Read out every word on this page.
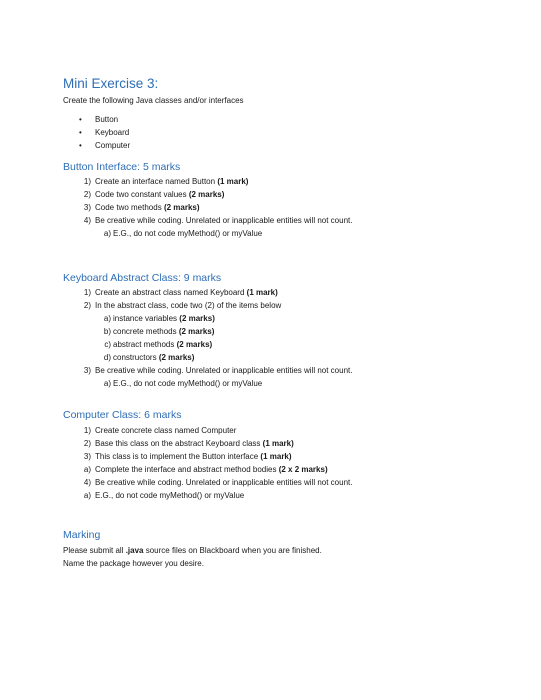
Mini Exercise 3:
Create the following Java classes and/or interfaces
• Button
• Keyboard
• Computer
Button Interface: 5 marks
1) Create an interface named Button (1 mark)
2) Code two constant values (2 marks)
3) Code two methods (2 marks)
4) Be creative while coding. Unrelated or inapplicable entities will not count.
a) E.G., do not code myMethod() or myValue
Keyboard Abstract Class: 9 marks
1) Create an abstract class named Keyboard (1 mark)
2) In the abstract class, code two (2) of the items below
a) instance variables (2 marks)
b) concrete methods (2 marks)
c) abstract methods (2 marks)
d) constructors (2 marks)
3) Be creative while coding. Unrelated or inapplicable entities will not count.
a) E.G., do not code myMethod() or myValue
Computer Class: 6 marks
1) Create concrete class named Computer
2) Base this class on the abstract Keyboard class (1 mark)
3) This class is to implement the Button interface (1 mark)
a) Complete the interface and abstract method bodies (2 x 2 marks)
4) Be creative while coding. Unrelated or inapplicable entities will not count.
a) E.G., do not code myMethod() or myValue
Marking
Please submit all .java source files on Blackboard when you are finished.
Name the package however you desire.
